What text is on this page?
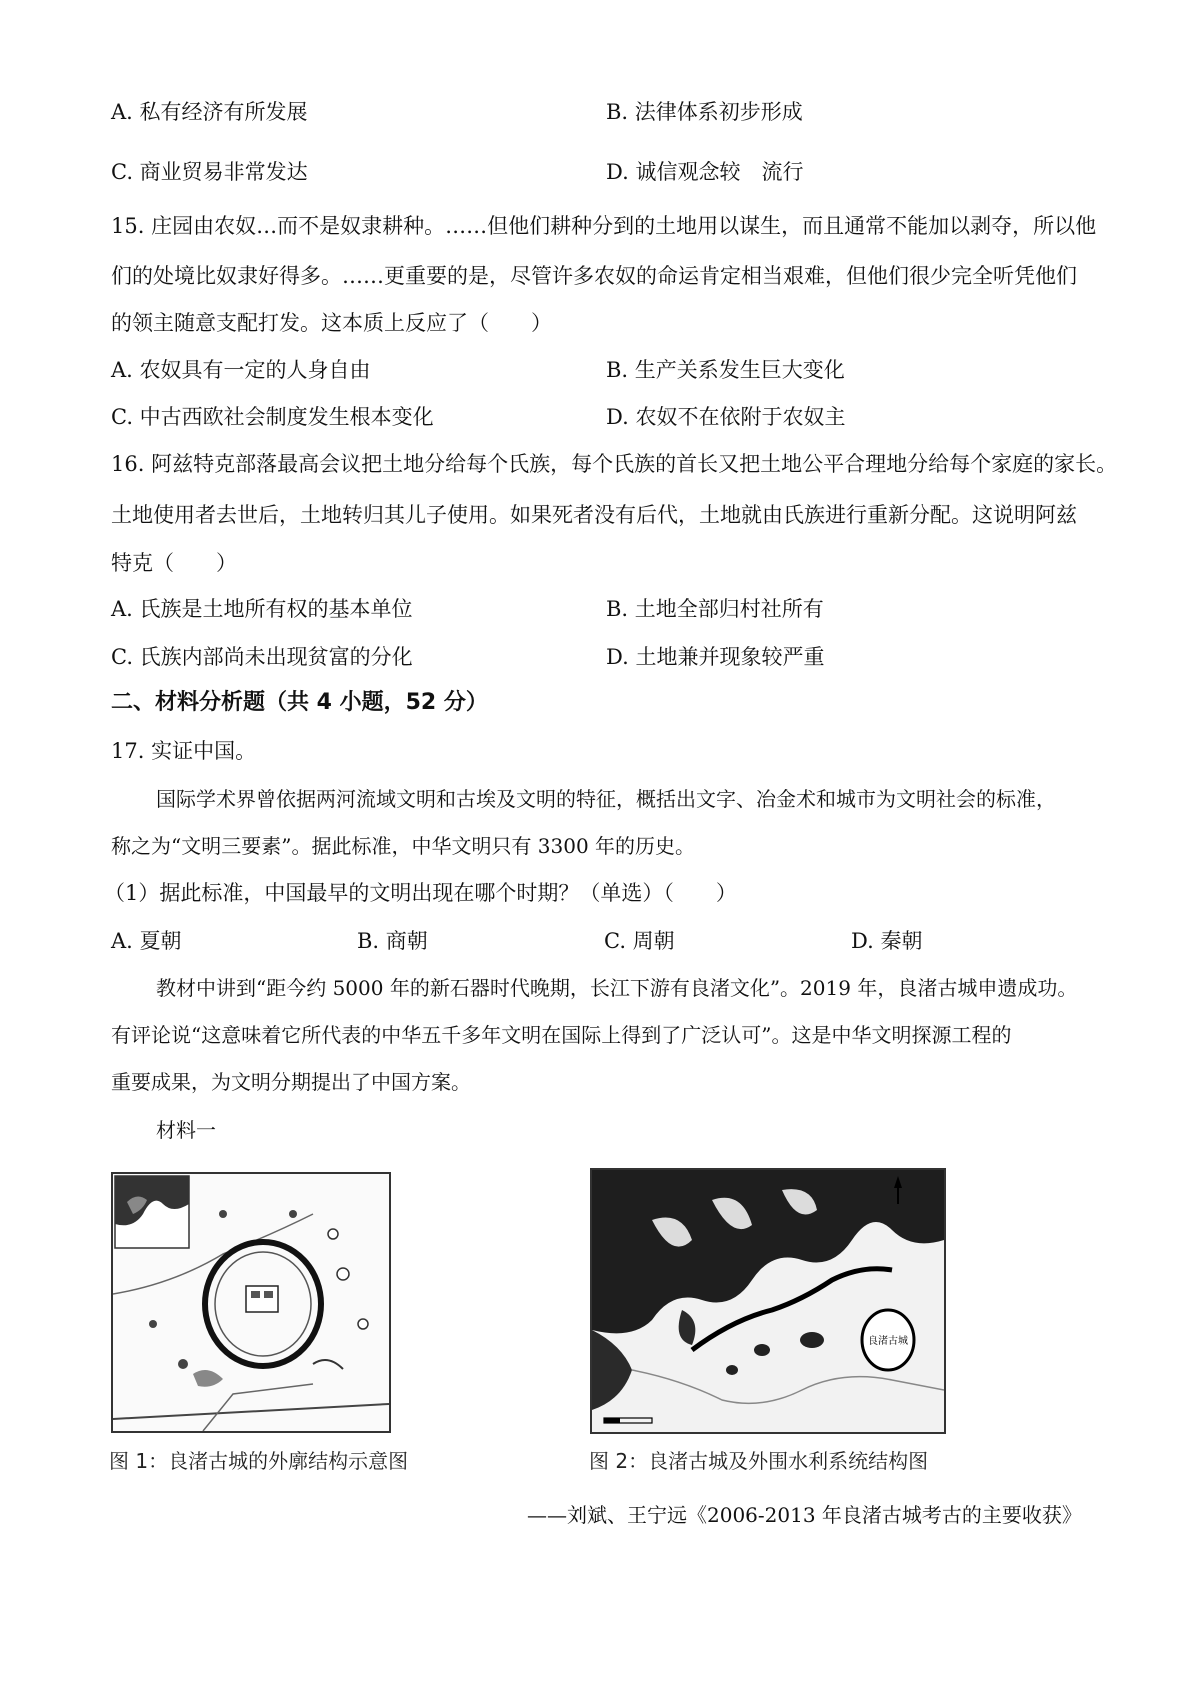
A. 私有经济有所发展	B. 法律体系初步形成
C. 商业贸易非常发达	D. 诚信观念较　流行
15. 庄园由农奴…而不是奴隶耕种。……但他们耕种分到的土地用以谋生，而且通常不能加以剥夺，所以他
们的处境比奴隶好得多。……更重要的是，尽管许多农奴的命运肯定相当艰难，但他们很少完全听凭他们
的领主随意支配打发。这本质上反应了（　　）
A. 农奴具有一定的人身自由	B. 生产关系发生巨大变化
C. 中古西欧社会制度发生根本变化	D. 农奴不在依附于农奴主
16. 阿兹特克部落最高会议把土地分给每个氏族，每个氏族的首长又把土地公平合理地分给每个家庭的家长。
土地使用者去世后，土地转归其儿子使用。如果死者没有后代，土地就由氏族进行重新分配。这说明阿兹
特克（　　）
A. 氏族是土地所有权的基本单位	B. 土地全部归村社所有
C. 氏族内部尚未出现贫富的分化	D. 土地兼并现象较严重
二、材料分析题（共 4 小题，52 分）
17. 实证中国。
国际学术界曾依据两河流域文明和古埃及文明的特征，概括出文字、冶金术和城市为文明社会的标准，
称之为“文明三要素”。据此标准，中华文明只有 3300 年的历史。
（1）据此标准，中国最早的文明出现在哪个时期？（单选）（　　）
A. 夏朝	B. 商朝	C. 周朝	D. 秦朝
教材中讲到“距今约 5000 年的新石器时代晚期，长江下游有良渚文化”。2019 年，良渚古城申遗成功。
有评论说“这意味着它所代表的中华五千多年文明在国际上得到了广泛认可”。这是中华文明探源工程的
重要成果，为文明分期提出了中国方案。
材料一
图 1：良渚古城的外廓结构示意图
良渚古城
图 2：良渚古城及外围水利系统结构图
——刘斌、王宁远《2006-2013 年良渚古城考古的主要收获》
